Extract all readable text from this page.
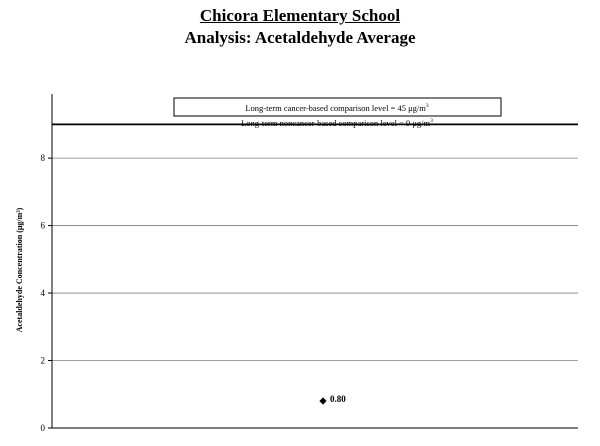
Chicora Elementary School
Analysis: Acetaldehyde Average
0
2
4
6
8
Acetaldehyde Concentration (μg/m³)
Long-term cancer-based comparison level = 45 $\mu g/m^3$
Long-term noncancer-based comparison level = 9 $\mu g/m^3$
0.80
